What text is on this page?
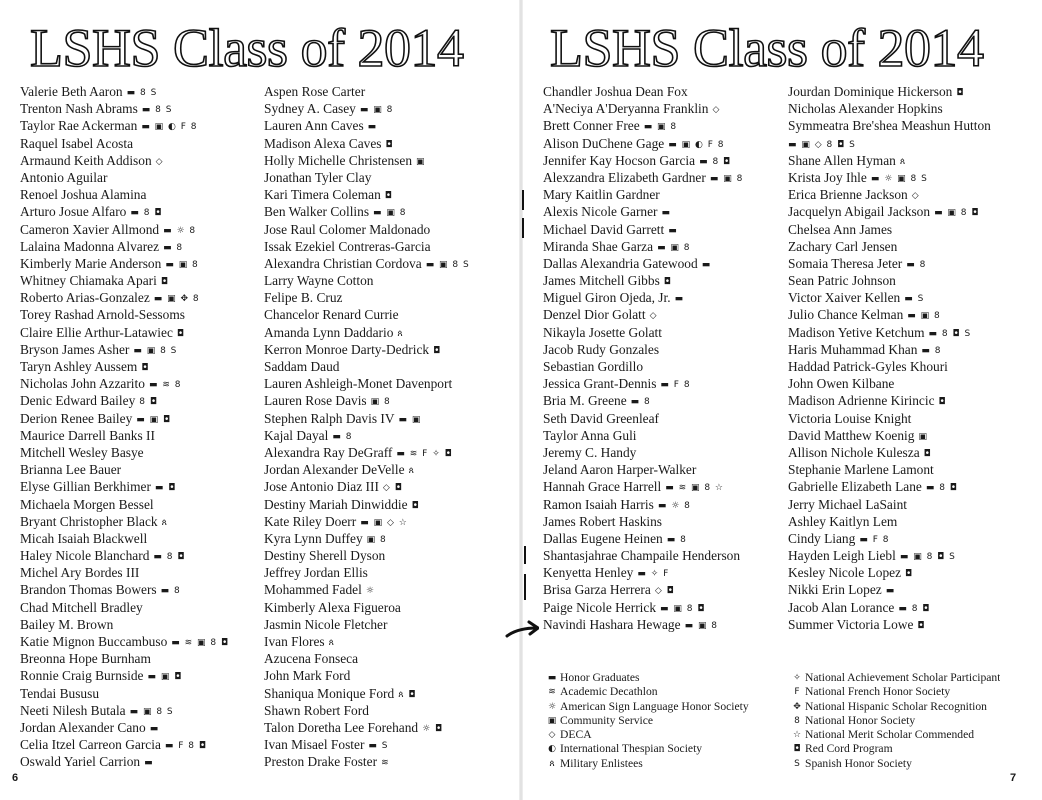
LSHS Class of 2014 LSHS Class of 2014
Valerie Beth Aaron ▬ 8 S
Trenton Nash Abrams ▬ 8 S
Taylor Rae Ackerman ▬ ▣ ◐ F 8
Raquel Isabel Acosta
Armaund Keith Addison ◇
Antonio Aguilar
Renoel Joshua Alamina
Arturo Josue Alfaro ▬ 8 ◘
Cameron Xavier Allmond ▬ ☼ 8
Lalaina Madonna Alvarez ▬ 8
Kimberly Marie Anderson ▬ ▣ 8
Whitney Chiamaka Apari ◘
Roberto Arias-Gonzalez ▬ ▣ ✥ 8
Torey Rashad Arnold-Sessoms
Claire Ellie Arthur-Latawiec ◘
Bryson James Asher ▬ ▣ 8 S
Taryn Ashley Aussem ◘
Nicholas John Azzarito ▬ ≋ 8
Denic Edward Bailey 8 ◘
Derion Renee Bailey ▬ ▣ ◘
Maurice Darrell Banks II
Mitchell Wesley Basye
Brianna Lee Bauer
Elyse Gillian Berkhimer ▬ ◘
Michaela Morgen Bessel
Bryant Christopher Black ጰ
Micah Isaiah Blackwell
Haley Nicole Blanchard ▬ 8 ◘
Michel Ary Bordes III
Brandon Thomas Bowers ▬ 8
Chad Mitchell Bradley
Bailey M. Brown
Katie Mignon Buccambuso ▬ ≋ ▣ 8 ◘
Breonna Hope Burnham
Ronnie Craig Burnside ▬ ▣ ◘
Tendai Bususu
Neeti Nilesh Butala ▬ ▣ 8 S
Jordan Alexander Cano ▬
Celia Itzel Carreon Garcia ▬ F 8 ◘
Oswald Yariel Carrion ▬
Aspen Rose Carter
Sydney A. Casey ▬ ▣ 8
Lauren Ann Caves ▬
Madison Alexa Caves ◘
Holly Michelle Christensen ▣
Jonathan Tyler Clay
Kari Timera Coleman ◘
Ben Walker Collins ▬ ▣ 8
Jose Raul Colomer Maldonado
Issak Ezekiel Contreras-Garcia
Alexandra Christian Cordova ▬ ▣ 8 S
Larry Wayne Cotton
Felipe B. Cruz
Chancelor Renard Currie
Amanda Lynn Daddario ጰ
Kerron Monroe Darty-Dedrick ◘
Saddam Daud
Lauren Ashleigh-Monet Davenport
Lauren Rose Davis ▣ 8
Stephen Ralph Davis IV ▬ ▣
Kajal Dayal ▬ 8
Alexandra Ray DeGraff ▬ ≋ F ✧ ◘
Jordan Alexander DeVelle ጰ
Jose Antonio Diaz III ◇ ◘
Destiny Mariah Dinwiddie ◘
Kate Riley Doerr ▬ ▣ ◇ ☆
Kyra Lynn Duffey ▣ 8
Destiny Sherell Dyson
Jeffrey Jordan Ellis
Mohammed Fadel ☼
Kimberly Alexa Figueroa
Jasmin Nicole Fletcher
Ivan Flores ጰ
Azucena Fonseca
John Mark Ford
Shaniqua Monique Ford ጰ ◘
Shawn Robert Ford
Talon Doretha Lee Forehand ☼ ◘
Ivan Misael Foster ▬ S
Preston Drake Foster ≋
Chandler Joshua Dean Fox
A'Neciya A'Deryanna Franklin ◇
Brett Conner Free ▬ ▣ 8
Alison DuChene Gage ▬ ▣ ◐ F 8
Jennifer Kay Hocson Garcia ▬ 8 ◘
Alexzandra Elizabeth Gardner ▬ ▣ 8
Mary Kaitlin Gardner
Alexis Nicole Garner ▬
Michael David Garrett ▬
Miranda Shae Garza ▬ ▣ 8
Dallas Alexandria Gatewood ▬
James Mitchell Gibbs ◘
Miguel Giron Ojeda, Jr. ▬
Denzel Dior Golatt ◇
Nikayla Josette Golatt
Jacob Rudy Gonzales
Sebastian Gordillo
Jessica Grant-Dennis ▬ F 8
Bria M. Greene ▬ 8
Seth David Greenleaf
Taylor Anna Guli
Jeremy C. Handy
Jeland Aaron Harper-Walker
Hannah Grace Harrell ▬ ≋ ▣ 8 ☆
Ramon Isaiah Harris ▬ ☼ 8
James Robert Haskins
Dallas Eugene Heinen ▬ 8
Shantasjahrae Champaile Henderson
Kenyetta Henley ▬ ✧ F
Brisa Garza Herrera ◇ ◘
Paige Nicole Herrick ▬ ▣ 8 ◘
Navindi Hashara Hewage ▬ ▣ 8
Jourdan Dominique Hickerson ◘
Nicholas Alexander Hopkins
Symmeatra Bre'shea Meashun Hutton
▬ ▣ ◇ 8 ◘ S
Shane Allen Hyman ጰ
Krista Joy Ihle ▬ ☼ ▣ 8 S
Erica Brienne Jackson ◇
Jacquelyn Abigail Jackson ▬ ▣ 8 ◘
Chelsea Ann James
Zachary Carl Jensen
Somaia Theresa Jeter ▬ 8
Sean Patric Johnson
Victor Xaiver Kellen ▬ S
Julio Chance Kelman ▬ ▣ 8
Madison Yetive Ketchum ▬ 8 ◘ S
Haris Muhammad Khan ▬ 8
Haddad Patrick-Gyles Khouri
John Owen Kilbane
Madison Adrienne Kirincic ◘
Victoria Louise Knight
David Matthew Koenig ▣
Allison Nichole Kulesza ◘
Stephanie Marlene Lamont
Gabrielle Elizabeth Lane ▬ 8 ◘
Jerry Michael LaSaint
Ashley Kaitlyn Lem
Cindy Liang ▬ F 8
Hayden Leigh Liebl ▬ ▣ 8 ◘ S
Kesley Nicole Lopez ◘
Nikki Erin Lopez ▬
Jacob Alan Lorance ▬ 8 ◘
Summer Victoria Lowe ◘
▬ Honor Graduates
≋ Academic Decathlon
☼ American Sign Language Honor Society
▣ Community Service
◇ DECA
◐ International Thespian Society
ጰ Military Enlistees
✧ National Achievement Scholar Participant
F National French Honor Society
✥ National Hispanic Scholar Recognition
8 National Honor Society
☆ National Merit Scholar Commended
◘ Red Cord Program
S Spanish Honor Society
6	7
